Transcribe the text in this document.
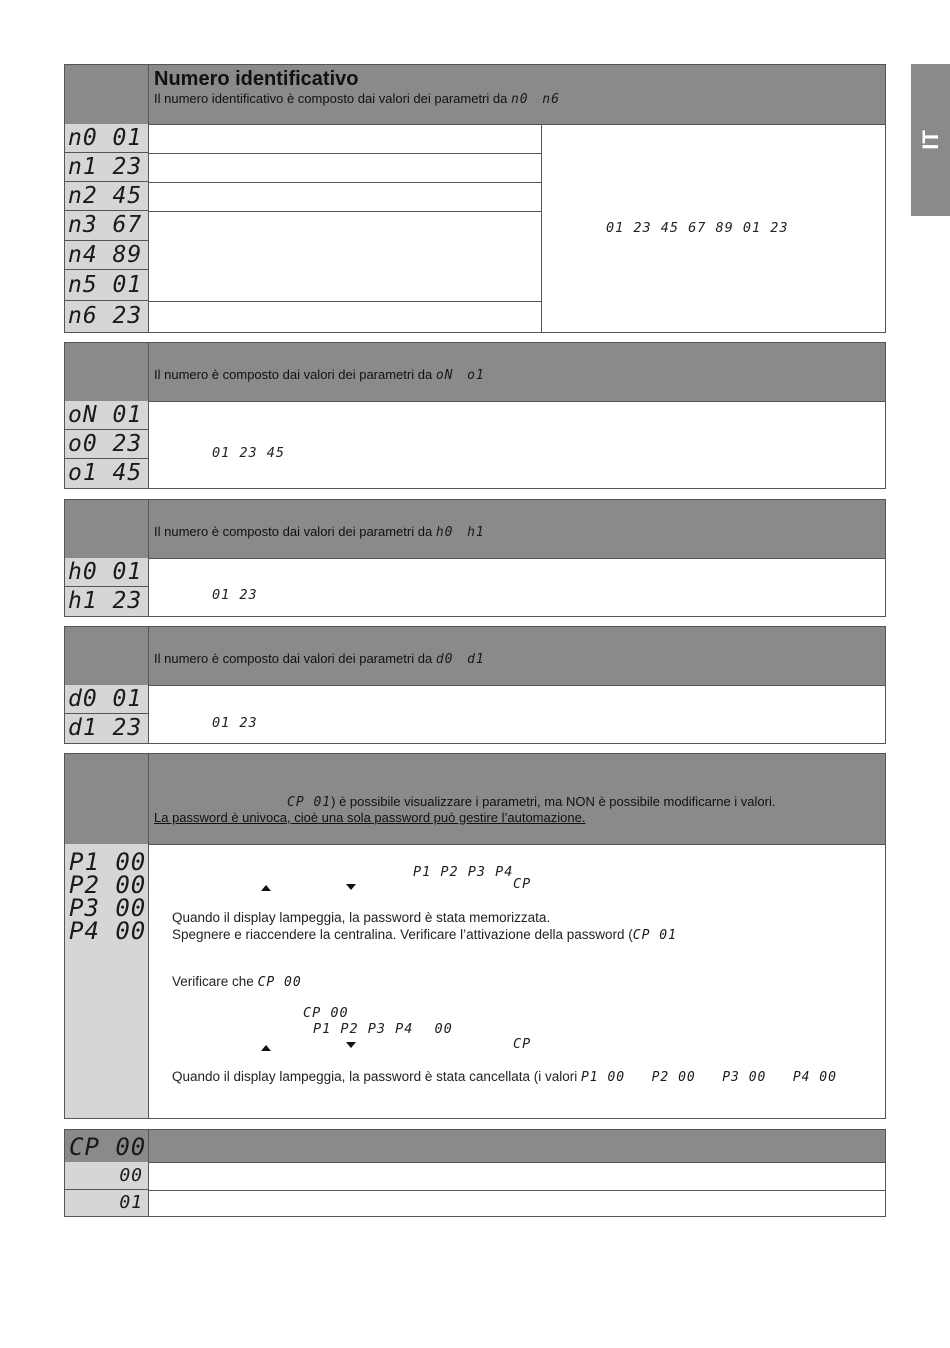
IT
Numero identificativo
Il numero identificativo è composto dai valori dei parametri da n0 n6
n0 01
n1 23
n2 45
n3 67
n4 89
n5 01
n6 23
01 23 45 67 89 01 23
Il numero è composto dai valori dei parametri da oN o1
oN 01
o0 23
o1 45
01 23 45
Il numero è composto dai valori dei parametri da h0 h1
h0 01
h1 23	01 23
Il numero è composto dai valori dei parametri da d0 d1
d0 01
d1 23	01 23
CP 01) è possibile visualizzare i parametri, ma NON è possibile modificarne i valori.
La password è univoca, cioè una sola password può gestire l’automazione.
P1 00
P2 00
P3 00
P4 00
P1 P2 P3 P4
CP
Quando il display lampeggia, la password è stata memorizzata.
Spegnere e riaccendere la centralina. Verificare l’attivazione della password (CP 01
Verificare che CP 00
CP 00
P1 P2 P3 P4 00
CP
Quando il display lampeggia, la password è stata cancellata (i valori P1 00   P2 00   P3 00   P4 00
CP 00
00
01
